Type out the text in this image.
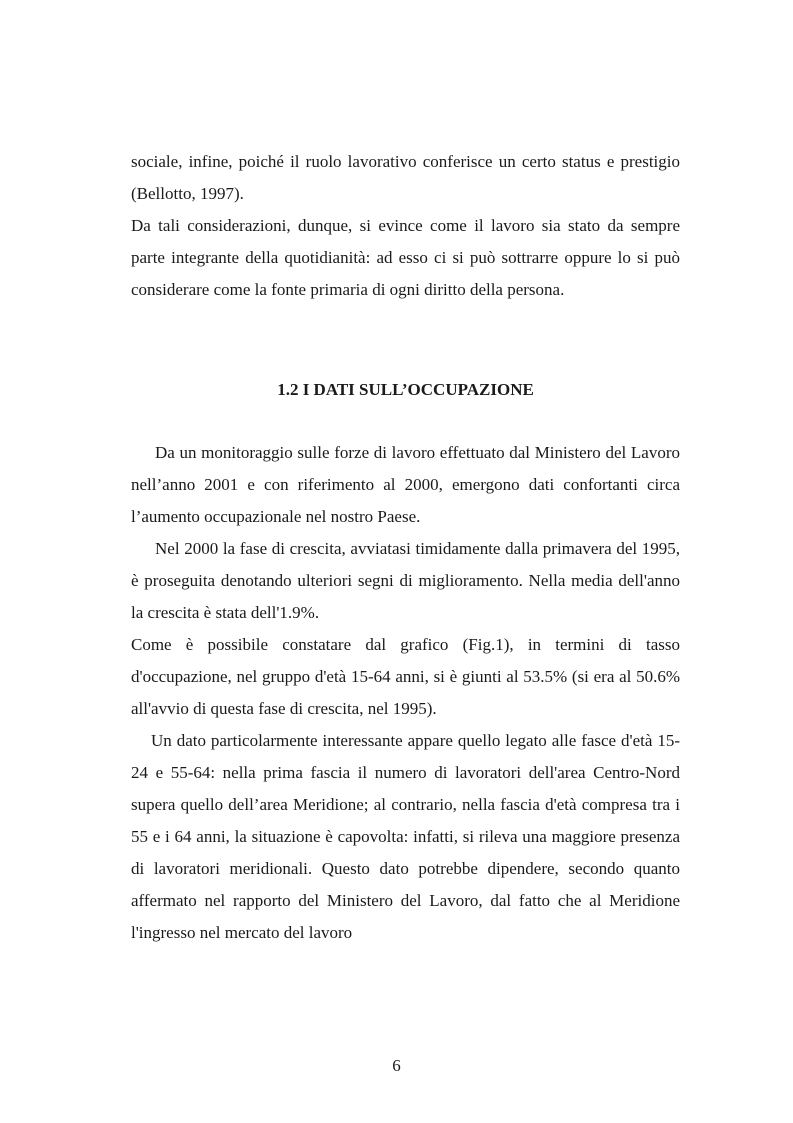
sociale, infine, poiché il ruolo lavorativo conferisce un certo status e prestigio (Bellotto, 1997).

Da tali considerazioni, dunque, si evince come il lavoro sia stato da sempre parte integrante della quotidianità: ad esso ci si può sottrarre oppure lo si può considerare come la fonte primaria di ogni diritto della persona.

1.2 I DATI SULL’OCCUPAZIONE

Da un monitoraggio sulle forze di lavoro effettuato dal Ministero del Lavoro nell’anno 2001 e con riferimento al 2000, emergono dati confortanti circa l’aumento occupazionale nel nostro Paese.

Nel 2000 la fase di crescita, avviatasi timidamente dalla primavera del 1995, è proseguita denotando ulteriori segni di miglioramento. Nella media dell'anno la crescita è stata dell'1.9%.

Come è possibile constatare dal grafico (Fig.1), in termini di tasso d'occupazione, nel gruppo d'età 15-64 anni, si è giunti al 53.5% (si era al 50.6% all'avvio di questa fase di crescita, nel 1995).

Un dato particolarmente interessante appare quello legato alle fasce d'età 15-24 e 55-64: nella prima fascia il numero di lavoratori dell'area Centro-Nord supera quello dell’area Meridione; al contrario, nella fascia d'età compresa tra i 55 e i 64 anni, la situazione è capovolta: infatti, si rileva una maggiore presenza di lavoratori meridionali. Questo dato potrebbe dipendere, secondo quanto affermato nel rapporto del Ministero del Lavoro, dal fatto che al Meridione l'ingresso nel mercato del lavoro

6
